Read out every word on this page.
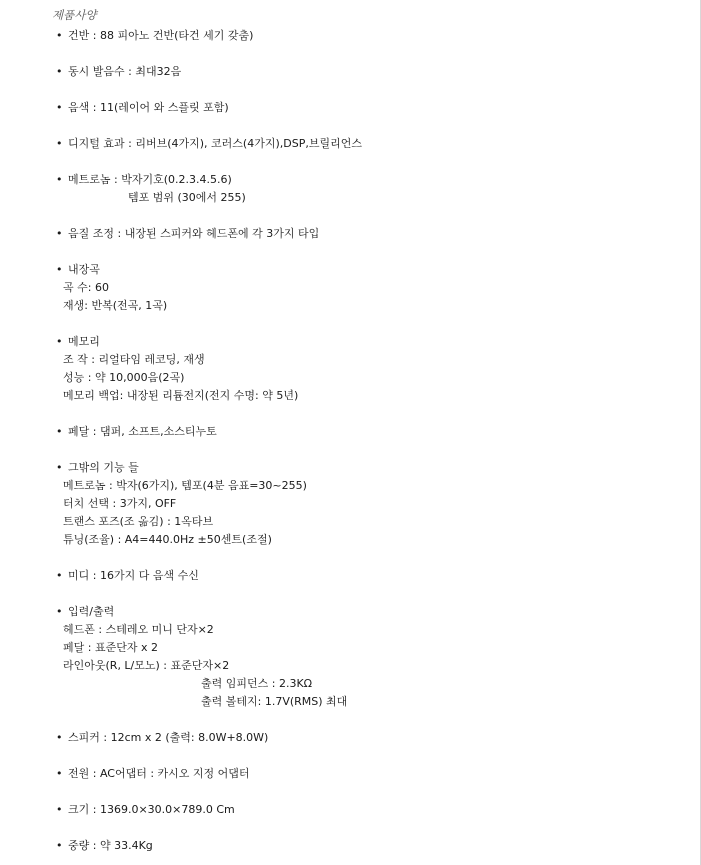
제품사양
• 건반 : 88 피아노 건반(타건 세기 갖춤)
• 동시 발음수 : 최대32음
• 음색 : 11(레이어 와 스플릿 포함)
• 디지털 효과 : 리버브(4가지), 코러스(4가지),DSP,브릴리언스
• 메트로놈 : 박자기호(0.2.3.4.5.6)
템포 범위 (30에서 255)
• 음질 조정 : 내장된 스피커와 헤드폰에 각 3가지 타입
• 내장곡
곡 수: 60
재생: 반복(전곡, 1곡)
• 메모리
조 작 : 리얼타임 레코딩, 재생
성능 : 약 10,000음(2곡)
메모리 백업: 내장된 리튬전지(전지 수명: 약 5년)
• 페달 : 댐퍼, 소프트,소스티누토
• 그밖의 기능 들
메트로놈 : 박자(6가지), 템포(4분 음표=30~255)
터치 선택 : 3가지, OFF
트랜스 포즈(조 옮김) : 1옥타브
튜닝(조율) : A4=440.0Hz ±50센트(조절)
• 미디 : 16가지 다 음색 수신
• 입력/출력
헤드폰 : 스테레오 미니 단자×2
페달 : 표준단자 x 2
라인아웃(R, L/모노) : 표준단자×2
출력 임피던스 : 2.3KΩ
출력 볼테지: 1.7V(RMS) 최대
• 스피커 : 12cm x 2 (출력: 8.0W+8.0W)
• 전원 : AC어댑터 : 카시오 지정 어댑터
• 크기 : 1369.0×30.0×789.0 Cm
• 중량 : 약 33.4Kg
